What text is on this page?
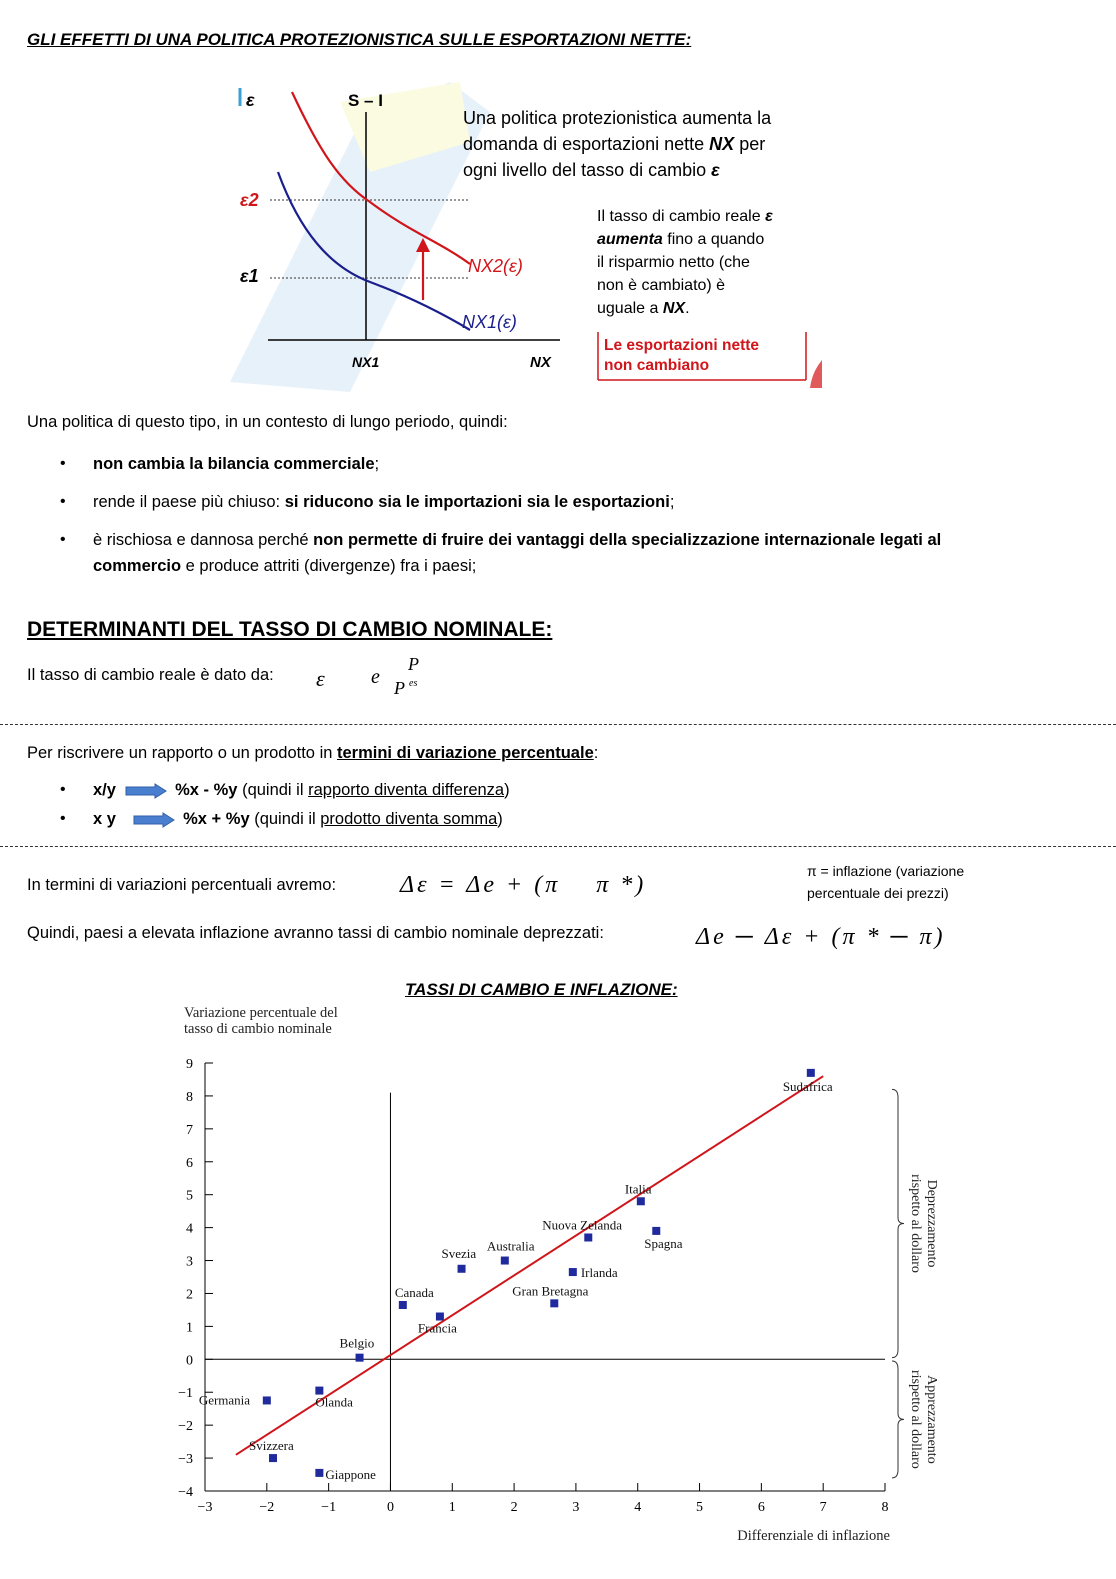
GLI EFFETTI DI UNA POLITICA PROTEZIONISTICA SULLE ESPORTAZIONI NETTE:
ε	S – I
ε2
ε1
NX1	NX
NX2(ε)
NX1(ε)
Una politica protezionistica aumenta la
domanda di esportazioni nette NX per
ogni livello del tasso di cambio ε
Il tasso di cambio reale ε
aumenta fino a quando
il risparmio netto (che
non è cambiato) è
uguale a NX.
Le esportazioni nette
non cambiano
Una politica di questo tipo, in un contesto di lungo periodo, quindi:
• non cambia la bilancia commerciale;
• rende il paese più chiuso: si riducono sia le importazioni sia le esportazioni;
• è rischiosa e dannosa perché non permette di fruire dei vantaggi della specializzazione internazionale legati al
commercio e produce attriti (divergenze) fra i paesi;
DETERMINANTI DEL TASSO DI CAMBIO NOMINALE:
Il tasso di cambio reale è dato da: ε e
P
P es
Per riscrivere un rapporto o un prodotto in termini di variazione percentuale:
• x/y	%x - %y (quindi il rapporto diventa differenza)
• x y	%x + %y (quindi il prodotto diventa somma)
In termini di variazioni percentuali avremo:	Δε = Δe + (π    π *)
π = inflazione (variazione
percentuale dei prezzi)
Quindi, paesi a elevata inflazione avranno tassi di cambio nominale deprezzati:	Δe ─ Δε + (π * ─ π)
TASSI DI CAMBIO E INFLAZIONE:
−4
−3
−2
−1
0
1
2
3
4
5
6
7
8
9
−3	−2	−1	0	1	2	3	4	5	6	7	8
Variazione percentuale del
tasso di cambio nominale
Differenziale di inflazione
Sudafrica
Italia
Spagna
Nuova Zelanda
Irlanda
Australia
Svezia
Gran Bretagna
Canada
Francia
Belgio
Germania	Olanda
Svizzera
Giappone
Deprezzamento
rispetto al dollaro
Apprezzamento
rispetto al dollaro
